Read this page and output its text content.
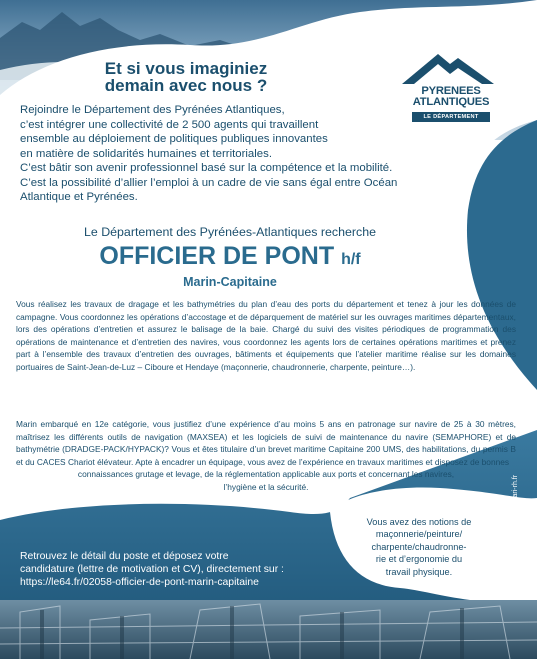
PYRENEES
ATLANTIQUES
LE DÉPARTEMENT
Et si vous imaginiez demain avec nous ?

Rejoindre le Département des Pyrénées Atlantiques,

c’est intégrer une collectivité de 2 500 agents qui travaillent

ensemble au déploiement de politiques publiques innovantes

en matière de solidarités humaines et territoriales.

C’est bâtir son avenir professionnel basé sur la compétence et la mobilité.

C’est la possibilité d’allier l’emploi à un cadre de vie sans égal entre Océan

Atlantique et Pyrénées.

Le Département des Pyrénées-Atlantiques recherche
OFFICIER DE PONT h/f
Marin-Capitaine

Vous réalisez les travaux de dragage et les bathymétries du plan d’eau des ports du département et tenez à jour les données de campagne. Vous coordonnez les opérations d’accostage et de déparquement de matériel sur les ouvrages maritimes départementaux, lors des opérations d’entretien et assurez le balisage de la baie. Chargé du suivi des visites périodiques de programmation des opérations de maintenance et d’entretien des navires, vous coordonnez les agents lors de certaines opérations maritimes et prenez part à l’ensemble des travaux d’entretien des ouvrages, bâtiments et équipements que l’atelier maritime réalise sur les domaines portuaires de Saint-Jean-de-Luz – Ciboure et Hendaye (maçonnerie, chaudronnerie, charpente, peinture…).

Marin embarqué en 12e catégorie, vous justifiez d’une expérience d’au moins 5 ans en patronage sur navire de 25 à 30 mètres, maîtrisez les différents outils de navigation (MAXSEA) et les logiciels de suivi de maintenance du navire (SEMAPHORE) et de bathymétrie (DRADGE-PACK/HYPACK)? Vous et êtes titulaire d’un brevet maritime Capitaine 200 UMS, des habilitations, du permis B et du CACES Chariot élévateur. Apte à encadrer un équipage, vous avez de l’expérience en travaux maritimes et disposez de bonnes

connaissances grutage et levage, de la réglementation applicable aux ports et concernant les navires,

l’hygiène et la sécurité.

Vous avez des notions de
maçonnerie/peinture/
charpente/chaudronne-
rie et d’ergonomie du
travail physique.
Retrouvez le détail du poste et déposez votre
candidature (lettre de motivation et CV), directement sur :
https://le64.fr/02058-officier-de-pont-marin-capitaine
Safari-rh.fr
